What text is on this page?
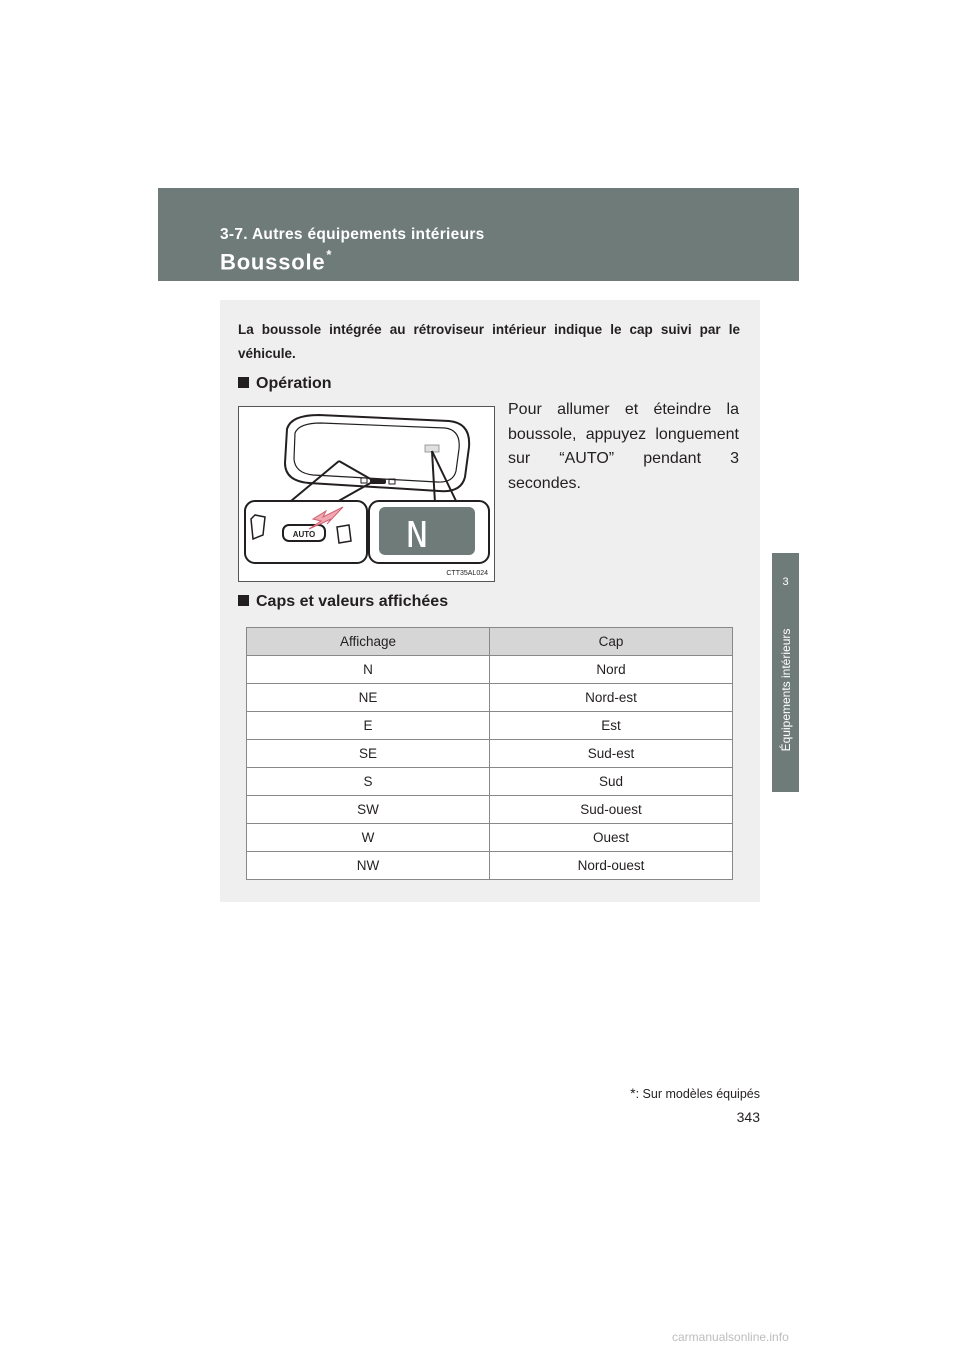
3-7. Autres équipements intérieurs
Boussole*
3
Équipements intérieurs
La boussole intégrée au rétroviseur intérieur indique le cap suivi par le véhicule.
Opération
AUTO	N
CTT35AL024
Pour allumer et éteindre la boussole, appuyez longuement sur “AUTO” pendant 3 secondes.
Caps et valeurs affichées
Affichage	Cap
N	Nord
NE	Nord-est
E	Est
SE	Sud-est
S	Sud
SW	Sud-ouest
W	Ouest
NW	Nord-ouest
*: Sur modèles équipés
343
carmanualsonline.info
